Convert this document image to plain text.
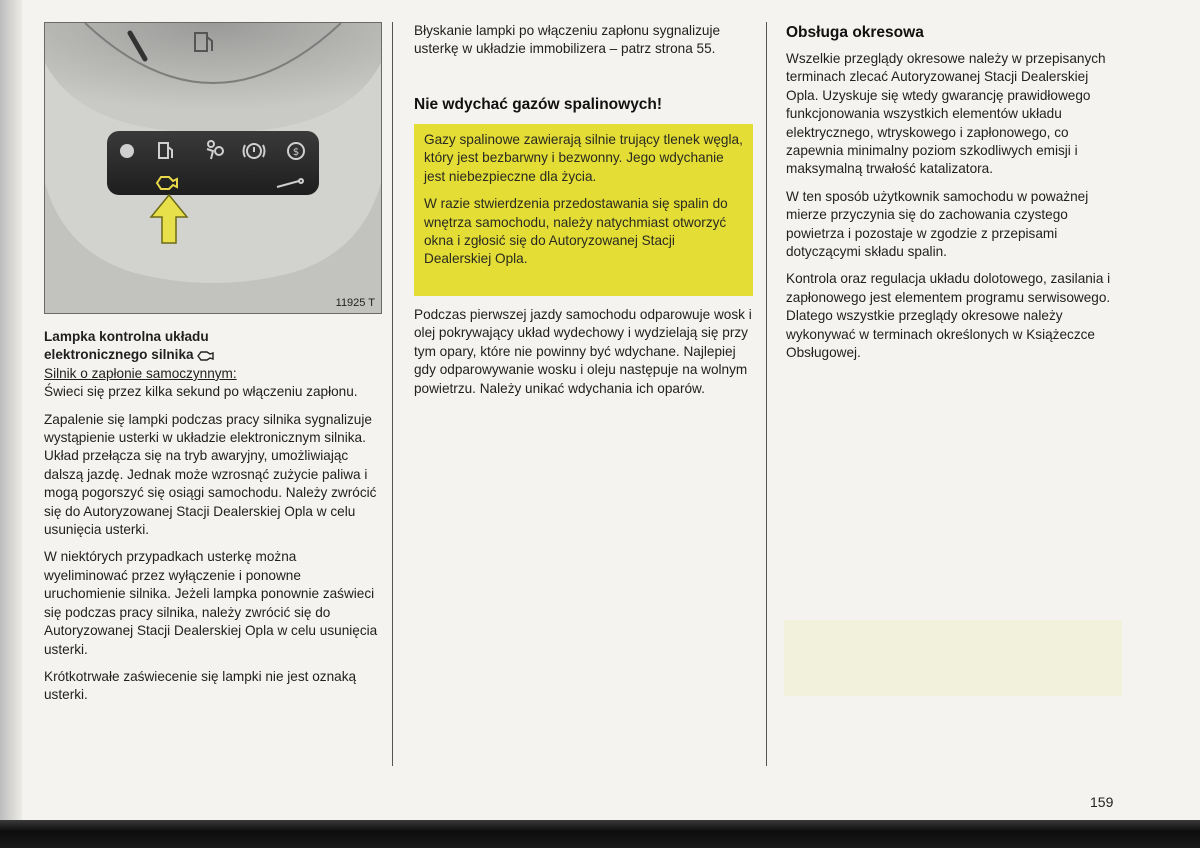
$
11925 T
Lampka kontrolna układu
elektronicznego silnika
Silnik o zapłonie samoczynnym:

Świeci się przez kilka sekund po włączeniu zapłonu.

Zapalenie się lampki podczas pracy silnika sygnalizuje wystąpienie usterki w układzie elektronicznym silnika. Układ przełącza się na tryb awaryjny, umożliwiając dalszą jazdę. Jednak może wzrosnąć zużycie paliwa i mogą pogorszyć się osiągi samochodu. Należy zwrócić się do Autoryzowanej Stacji Dealerskiej Opla w celu usunięcia usterki.

W niektórych przypadkach usterkę można wyeliminować przez wyłączenie i ponowne uruchomienie silnika. Jeżeli lampka ponownie zaświeci się podczas pracy silnika, należy zwrócić się do Autoryzowanej Stacji Dealerskiej Opla w celu usunięcia usterki.

Krótkotrwałe zaświecenie się lampki nie jest oznaką usterki.

Błyskanie lampki po włączeniu zapłonu sygnalizuje usterkę w układzie immobilizera – patrz strona 55.

Nie wdychać gazów spalinowych!

Gazy spalinowe zawierają silnie trujący tlenek węgla, który jest bezbarwny i bezwonny. Jego wdychanie jest niebezpieczne dla życia.

W razie stwierdzenia przedostawania się spalin do wnętrza samochodu, należy natychmiast otworzyć okna i zgłosić się do Autoryzowanej Stacji Dealerskiej Opla.

Podczas pierwszej jazdy samochodu odparowuje wosk i olej pokrywający układ wydechowy i wydzielają się przy tym opary, które nie powinny być wdychane. Najlepiej gdy odparowywanie wosku i oleju następuje na wolnym powietrzu. Należy unikać wdychania ich oparów.

Obsługa okresowa

Wszelkie przeglądy okresowe należy w przepisanych terminach zlecać Autoryzowanej Stacji Dealerskiej Opla. Uzyskuje się wtedy gwarancję prawidłowego funkcjonowania wszystkich elementów układu elektrycznego, wtryskowego i zapłonowego, co zapewnia minimalny poziom szkodliwych emisji i maksymalną trwałość katalizatora.

W ten sposób użytkownik samochodu w poważnej mierze przyczynia się do zachowania czystego powietrza i pozostaje w zgodzie z przepisami dotyczącymi składu spalin.

Kontrola oraz regulacja układu dolotowego, zasilania i zapłonowego jest elementem programu serwisowego. Dlatego wszystkie przeglądy okresowe należy wykonywać w terminach określonych w Książeczce Obsługowej.

159
